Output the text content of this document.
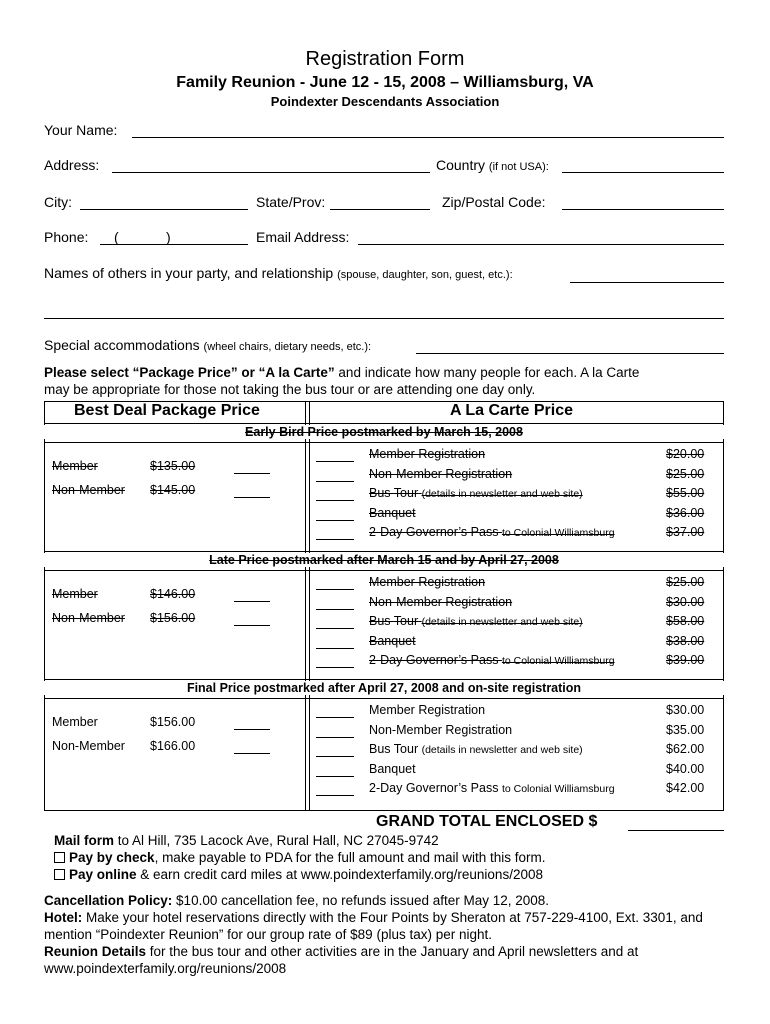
Registration Form
Family Reunion - June 12 - 15, 2008 – Williamsburg, VA
Poindexter Descendants Association
Your Name:
Address:	Country (if not USA):
City:	State/Prov:	Zip/Postal Code:
Phone: (	)	Email Address:
Names of others in your party, and relationship (spouse, daughter, son, guest, etc.):
Special accommodations (wheel chairs, dietary needs, etc.):
Please select “Package Price” or “A la Carte” and indicate how many people for each. A la Carte
may be appropriate for those not taking the bus tour or are attending one day only.
Best Deal Package Price	A La Carte Price
Early Bird Price postmarked by March 15, 2008
Member	$135.00
Non-Member $145.00
Member Registration	$20.00
Non-Member Registration	$25.00
Bus Tour (details in newsletter and web site)	$55.00
Banquet	$36.00
2-Day Governor’s Pass to Colonial Williamsburg	$37.00
Late Price postmarked after March 15 and by April 27, 2008
Member	$146.00
Non-Member $156.00
Member Registration	$25.00
Non-Member Registration	$30.00
Bus Tour (details in newsletter and web site)	$58.00
Banquet	$38.00
2-Day Governor’s Pass to Colonial Williamsburg	$39.00
Final Price postmarked after April 27, 2008 and on-site registration
Member	$156.00
Non-Member $166.00
Member Registration	$30.00
Non-Member Registration	$35.00
Bus Tour (details in newsletter and web site)	$62.00
Banquet	$40.00
2-Day Governor’s Pass to Colonial Williamsburg	$42.00
GRAND TOTAL ENCLOSED $
Mail form to Al Hill, 735 Lacock Ave, Rural Hall, NC 27045-9742
Pay by check, make payable to PDA for the full amount and mail with this form.
Pay online & earn credit card miles at www.poindexterfamily.org/reunions/2008
Cancellation Policy: $10.00 cancellation fee, no refunds issued after May 12, 2008.
Hotel: Make your hotel reservations directly with the Four Points by Sheraton at 757-229-4100, Ext. 3301, and
mention “Poindexter Reunion” for our group rate of $89 (plus tax) per night.
Reunion Details for the bus tour and other activities are in the January and April newsletters and at
www.poindexterfamily.org/reunions/2008
